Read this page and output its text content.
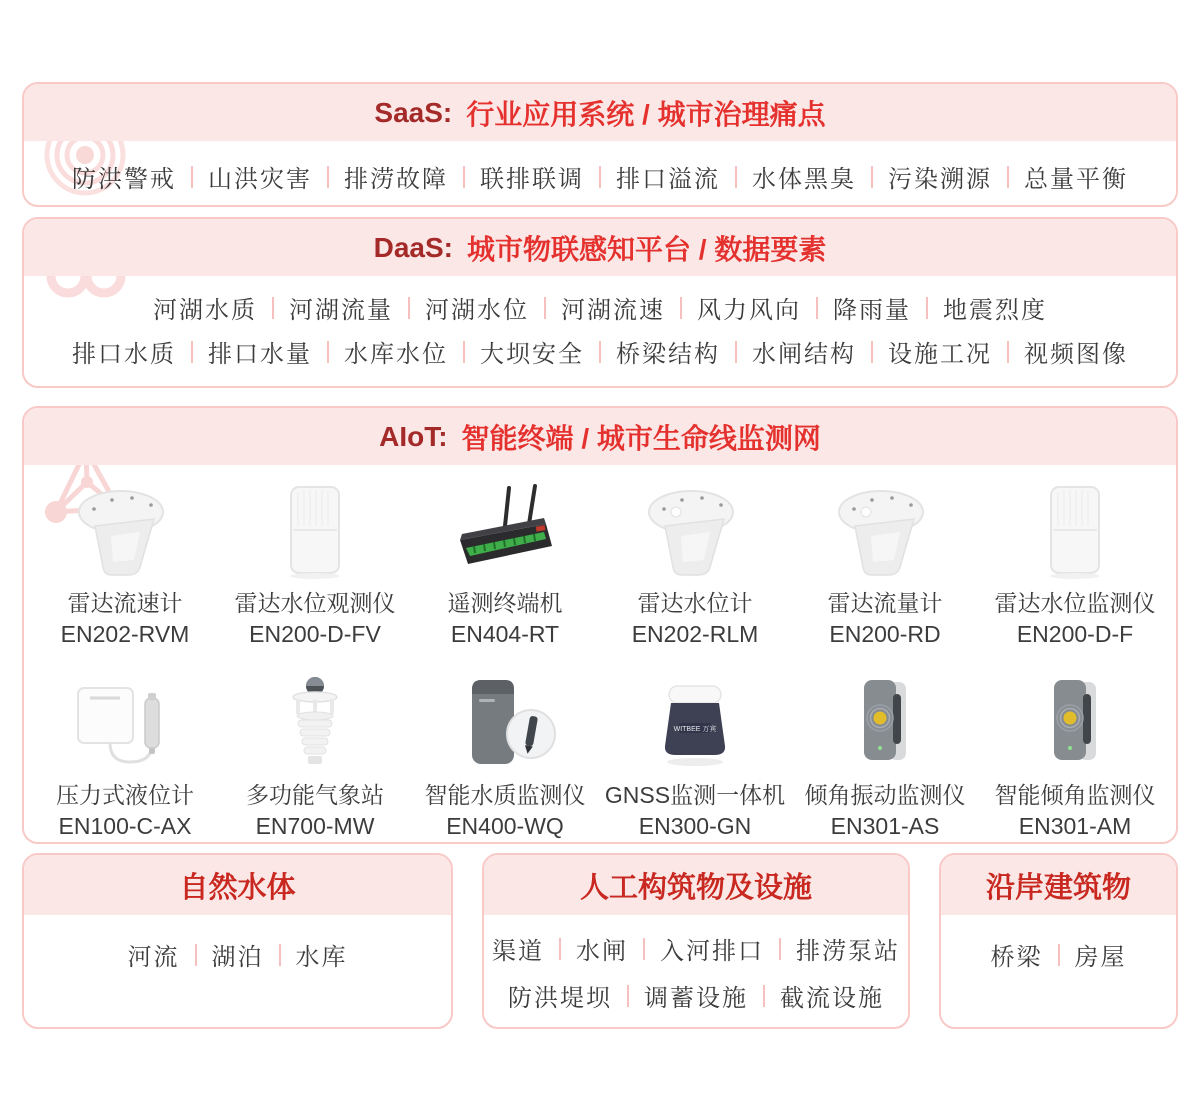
SaaS: 行业应用系统 / 城市治理痛点
防洪警戒 山洪灾害 排涝故障 联排联调 排口溢流 水体黑臭 污染溯源 总量平衡
DaaS: 城市物联感知平台 / 数据要素
河湖水质 河湖流量 河湖水位 河湖流速 风力风向 降雨量 地震烈度
排口水质 排口水量 水库水位 大坝安全 桥梁结构 水闸结构 设施工况 视频图像
AIoT: 智能终端 / 城市生命线监测网
雷达流速计
EN202-RVM
雷达水位观测仪
EN200-D-FV
遥测终端机
EN404-RT
雷达水位计
EN202-RLM
雷达流量计
EN200-RD
雷达水位监测仪
EN200-D-F
压力式液位计
EN100-C-AX
多功能气象站
EN700-MW
智能水质监测仪
EN400-WQ
WITBEE 万宾
GNSS监测一体机
EN300-GN
倾角振动监测仪
EN301-AS
智能倾角监测仪
EN301-AM
自然水体
河流 湖泊 水库
人工构筑物及设施
渠道 水闸 入河排口 排涝泵站
防洪堤坝 调蓄设施 截流设施
沿岸建筑物
桥梁 房屋
